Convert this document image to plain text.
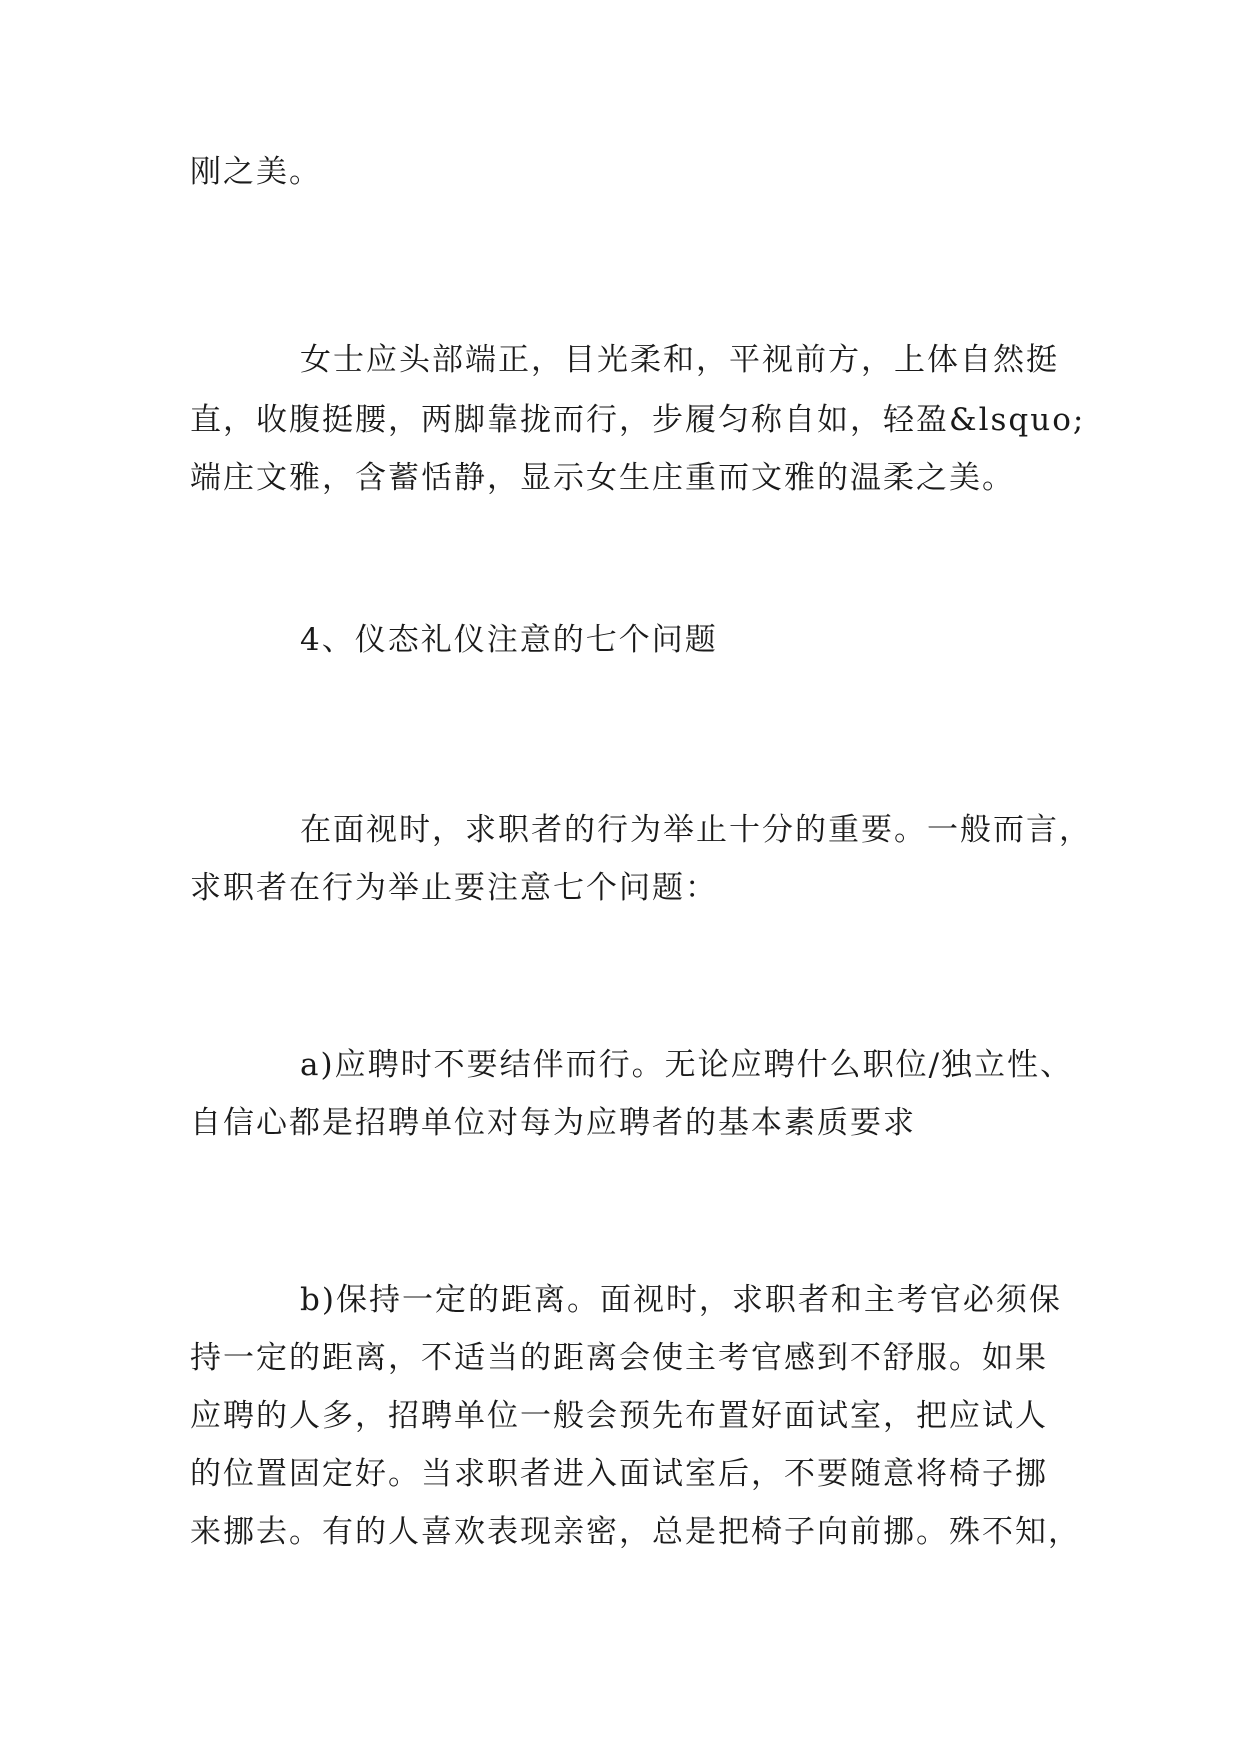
刚之美。
女士应头部端正，目光柔和，平视前方，上体自然挺
直，收腹挺腰，两脚靠拢而行，步履匀称自如，轻盈&lsquo;
端庄文雅，含蓄恬静，显示女生庄重而文雅的温柔之美。
4、仪态礼仪注意的七个问题
在面视时，求职者的行为举止十分的重要。一般而言，
求职者在行为举止要注意七个问题：
a)应聘时不要结伴而行。无论应聘什么职位/独立性、
自信心都是招聘单位对每为应聘者的基本素质要求
b)保持一定的距离。面视时，求职者和主考官必须保
持一定的距离，不适当的距离会使主考官感到不舒服。如果
应聘的人多，招聘单位一般会预先布置好面试室，把应试人
的位置固定好。当求职者进入面试室后，不要随意将椅子挪
来挪去。有的人喜欢表现亲密，总是把椅子向前挪。殊不知，
